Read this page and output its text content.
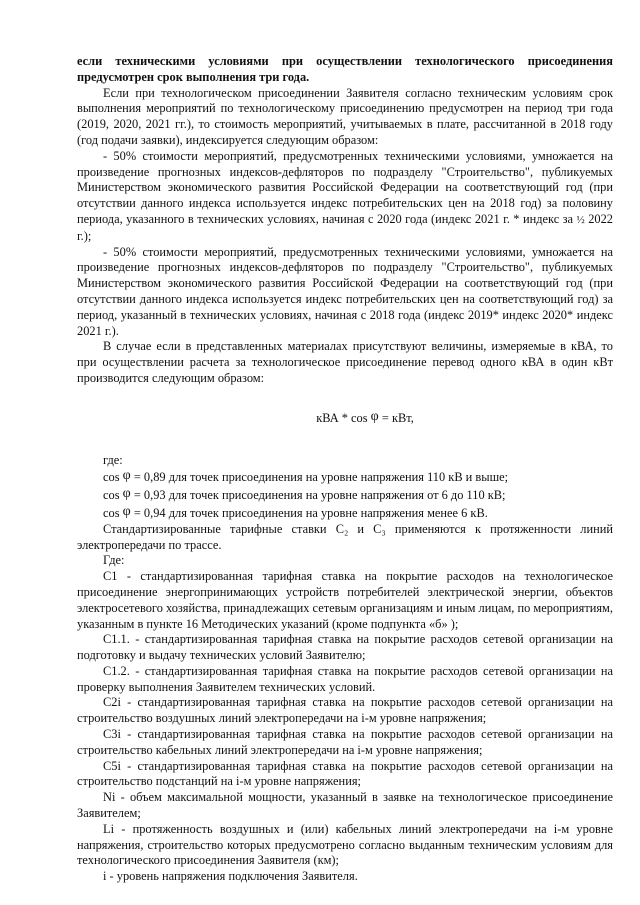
если техническими условиями при осуществлении технологического присоединения предусмотрен срок выполнения три года.

Если при технологическом присоединении Заявителя согласно техническим условиям срок выполнения мероприятий по технологическому присоединению предусмотрен на период три года (2019, 2020, 2021 гг.), то стоимость мероприятий, учитываемых в плате, рассчитанной в 2018 году (год подачи заявки), индексируется следующим образом:

- 50% стоимости мероприятий, предусмотренных техническими условиями, умножается на произведение прогнозных индексов-дефляторов по подразделу "Строительство", публикуемых Министерством экономического развития Российской Федерации на соответствующий год (при отсутствии данного индекса используется индекс потребительских цен на 2018 год) за половину периода, указанного в технических условиях, начиная с 2020 года (индекс 2021 г. * индекс за ½ 2022 г.);

- 50% стоимости мероприятий, предусмотренных техническими условиями, умножается на произведение прогнозных индексов-дефляторов по подразделу "Строительство", публикуемых Министерством экономического развития Российской Федерации на соответствующий год (при отсутствии данного индекса используется индекс потребительских цен на соответствующий год) за период, указанный в технических условиях, начиная с 2018 года (индекс 2019* индекс 2020* индекс 2021 г.).

В случае если в представленных материалах присутствуют величины, измеряемые в кВА, то при осуществлении расчета за технологическое присоединение перевод одного кВА в один кВт производится следующим образом:

кВА * cos φ = кВт,

где:

cos φ = 0,89 для точек присоединения на уровне напряжения 110 кВ и выше;

cos φ = 0,93 для точек присоединения на уровне напряжения от 6 до 110 кВ;

cos φ = 0,94 для точек присоединения на уровне напряжения менее 6 кВ.

Стандартизированные тарифные ставки C₂ и C₃ применяются к протяженности линий электропередачи по трассе.

Где:

C1 - стандартизированная тарифная ставка на покрытие расходов на технологическое присоединение энергопринимающих устройств потребителей электрической энергии, объектов электросетевого хозяйства, принадлежащих сетевым организациям и иным лицам, по мероприятиям, указанным в пункте 16 Методических указаний (кроме подпункта «б» );

C1.1. - стандартизированная тарифная ставка на покрытие расходов сетевой организации на подготовку и выдачу технических условий Заявителю;

C1.2. - стандартизированная тарифная ставка на покрытие расходов сетевой организации на проверку выполнения Заявителем технических условий.

C2i - стандартизированная тарифная ставка на покрытие расходов сетевой организации на строительство воздушных линий электропередачи на i-м уровне напряжения;

C3i - стандартизированная тарифная ставка на покрытие расходов сетевой организации на строительство кабельных линий электропередачи на i-м уровне напряжения;

C5i - стандартизированная тарифная ставка на покрытие расходов сетевой организации на строительство подстанций на i-м уровне напряжения;

Ni - объем максимальной мощности, указанный в заявке на технологическое присоединение Заявителем;

Li - протяженность воздушных и (или) кабельных линий электропередачи на i-м уровне напряжения, строительство которых предусмотрено согласно выданным техническим условиям для технологического присоединения Заявителя (км);

i - уровень напряжения подключения Заявителя.
